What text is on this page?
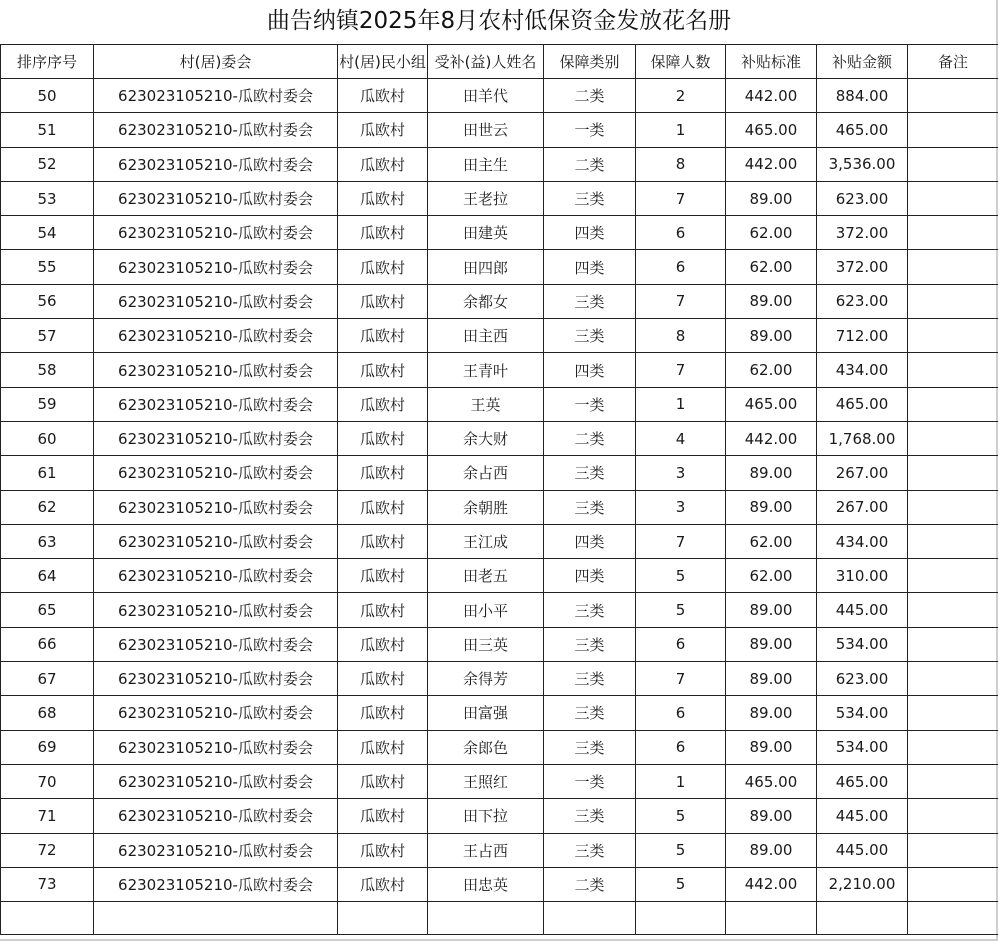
曲告纳镇2025年8月农村低保资金发放花名册
排序序号	村(居)委会	村(居)民小组	受补(益)人姓名	保障类别	保障人数	补贴标准	补贴金额	备注
50	623023105210-瓜欧村委会	瓜欧村	田羊代	二类	2	442.00	884.00	
51	623023105210-瓜欧村委会	瓜欧村	田世云	一类	1	465.00	465.00	
52	623023105210-瓜欧村委会	瓜欧村	田主生	二类	8	442.00	3,536.00	
53	623023105210-瓜欧村委会	瓜欧村	王老拉	三类	7	89.00	623.00	
54	623023105210-瓜欧村委会	瓜欧村	田建英	四类	6	62.00	372.00	
55	623023105210-瓜欧村委会	瓜欧村	田四郎	四类	6	62.00	372.00	
56	623023105210-瓜欧村委会	瓜欧村	余都女	三类	7	89.00	623.00	
57	623023105210-瓜欧村委会	瓜欧村	田主西	三类	8	89.00	712.00	
58	623023105210-瓜欧村委会	瓜欧村	王青叶	四类	7	62.00	434.00	
59	623023105210-瓜欧村委会	瓜欧村	王英	一类	1	465.00	465.00	
60	623023105210-瓜欧村委会	瓜欧村	余大财	二类	4	442.00	1,768.00	
61	623023105210-瓜欧村委会	瓜欧村	余占西	三类	3	89.00	267.00	
62	623023105210-瓜欧村委会	瓜欧村	余朝胜	三类	3	89.00	267.00	
63	623023105210-瓜欧村委会	瓜欧村	王江成	四类	7	62.00	434.00	
64	623023105210-瓜欧村委会	瓜欧村	田老五	四类	5	62.00	310.00	
65	623023105210-瓜欧村委会	瓜欧村	田小平	三类	5	89.00	445.00	
66	623023105210-瓜欧村委会	瓜欧村	田三英	三类	6	89.00	534.00	
67	623023105210-瓜欧村委会	瓜欧村	余得芳	三类	7	89.00	623.00	
68	623023105210-瓜欧村委会	瓜欧村	田富强	三类	6	89.00	534.00	
69	623023105210-瓜欧村委会	瓜欧村	余郎色	三类	6	89.00	534.00	
70	623023105210-瓜欧村委会	瓜欧村	王照红	一类	1	465.00	465.00	
71	623023105210-瓜欧村委会	瓜欧村	田下拉	三类	5	89.00	445.00	
72	623023105210-瓜欧村委会	瓜欧村	王占西	三类	5	89.00	445.00	
73	623023105210-瓜欧村委会	瓜欧村	田忠英	二类	5	442.00	2,210.00	
